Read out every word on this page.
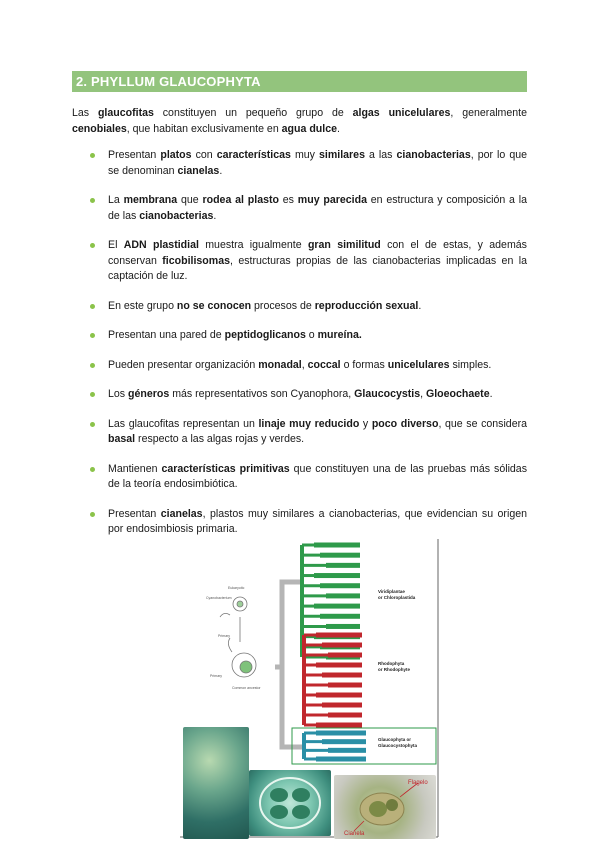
2. PHYLLUM GLAUCOPHYTA

Las glaucofitas constituyen un pequeño grupo de algas unicelulares, generalmente cenobiales, que habitan exclusivamente en agua dulce.

Presentan platos con características muy similares a las cianobacterias, por lo que se denominan cianelas.
La membrana que rodea al plasto es muy parecida en estructura y composición a la de las cianobacterias.
El ADN plastidial muestra igualmente gran similitud con el de estas, y además conservan ficobilisomas, estructuras propias de las cianobacterias implicadas en la captación de luz.
En este grupo no se conocen procesos de reproducción sexual.
Presentan una pared de peptidoglicanos o mureína.
Pueden presentar organización monadal, coccal o formas unicelulares simples.
Los géneros más representativos son Cyanophora, Glaucocystis, Gloeochaete.
Las glaucofitas representan un linaje muy reducido y poco diverso, que se considera basal respecto a las algas rojas y verdes.
Mantienen características primitivas que constituyen una de las pruebas más sólidas de la teoría endosimbiótica.
Presentan cianelas, plastos muy similares a cianobacterias, que evidencian su origen por endosimbiosis primaria.
Eukaryotic
Cyanobacterium
Primary
Primary
Common ancestor
Viridiplantae
or Chloroplastida
Rhodophyta
or Rhodophyte
Glaucophyta or
Glaucocystophyta
Flagelo
Cianela
